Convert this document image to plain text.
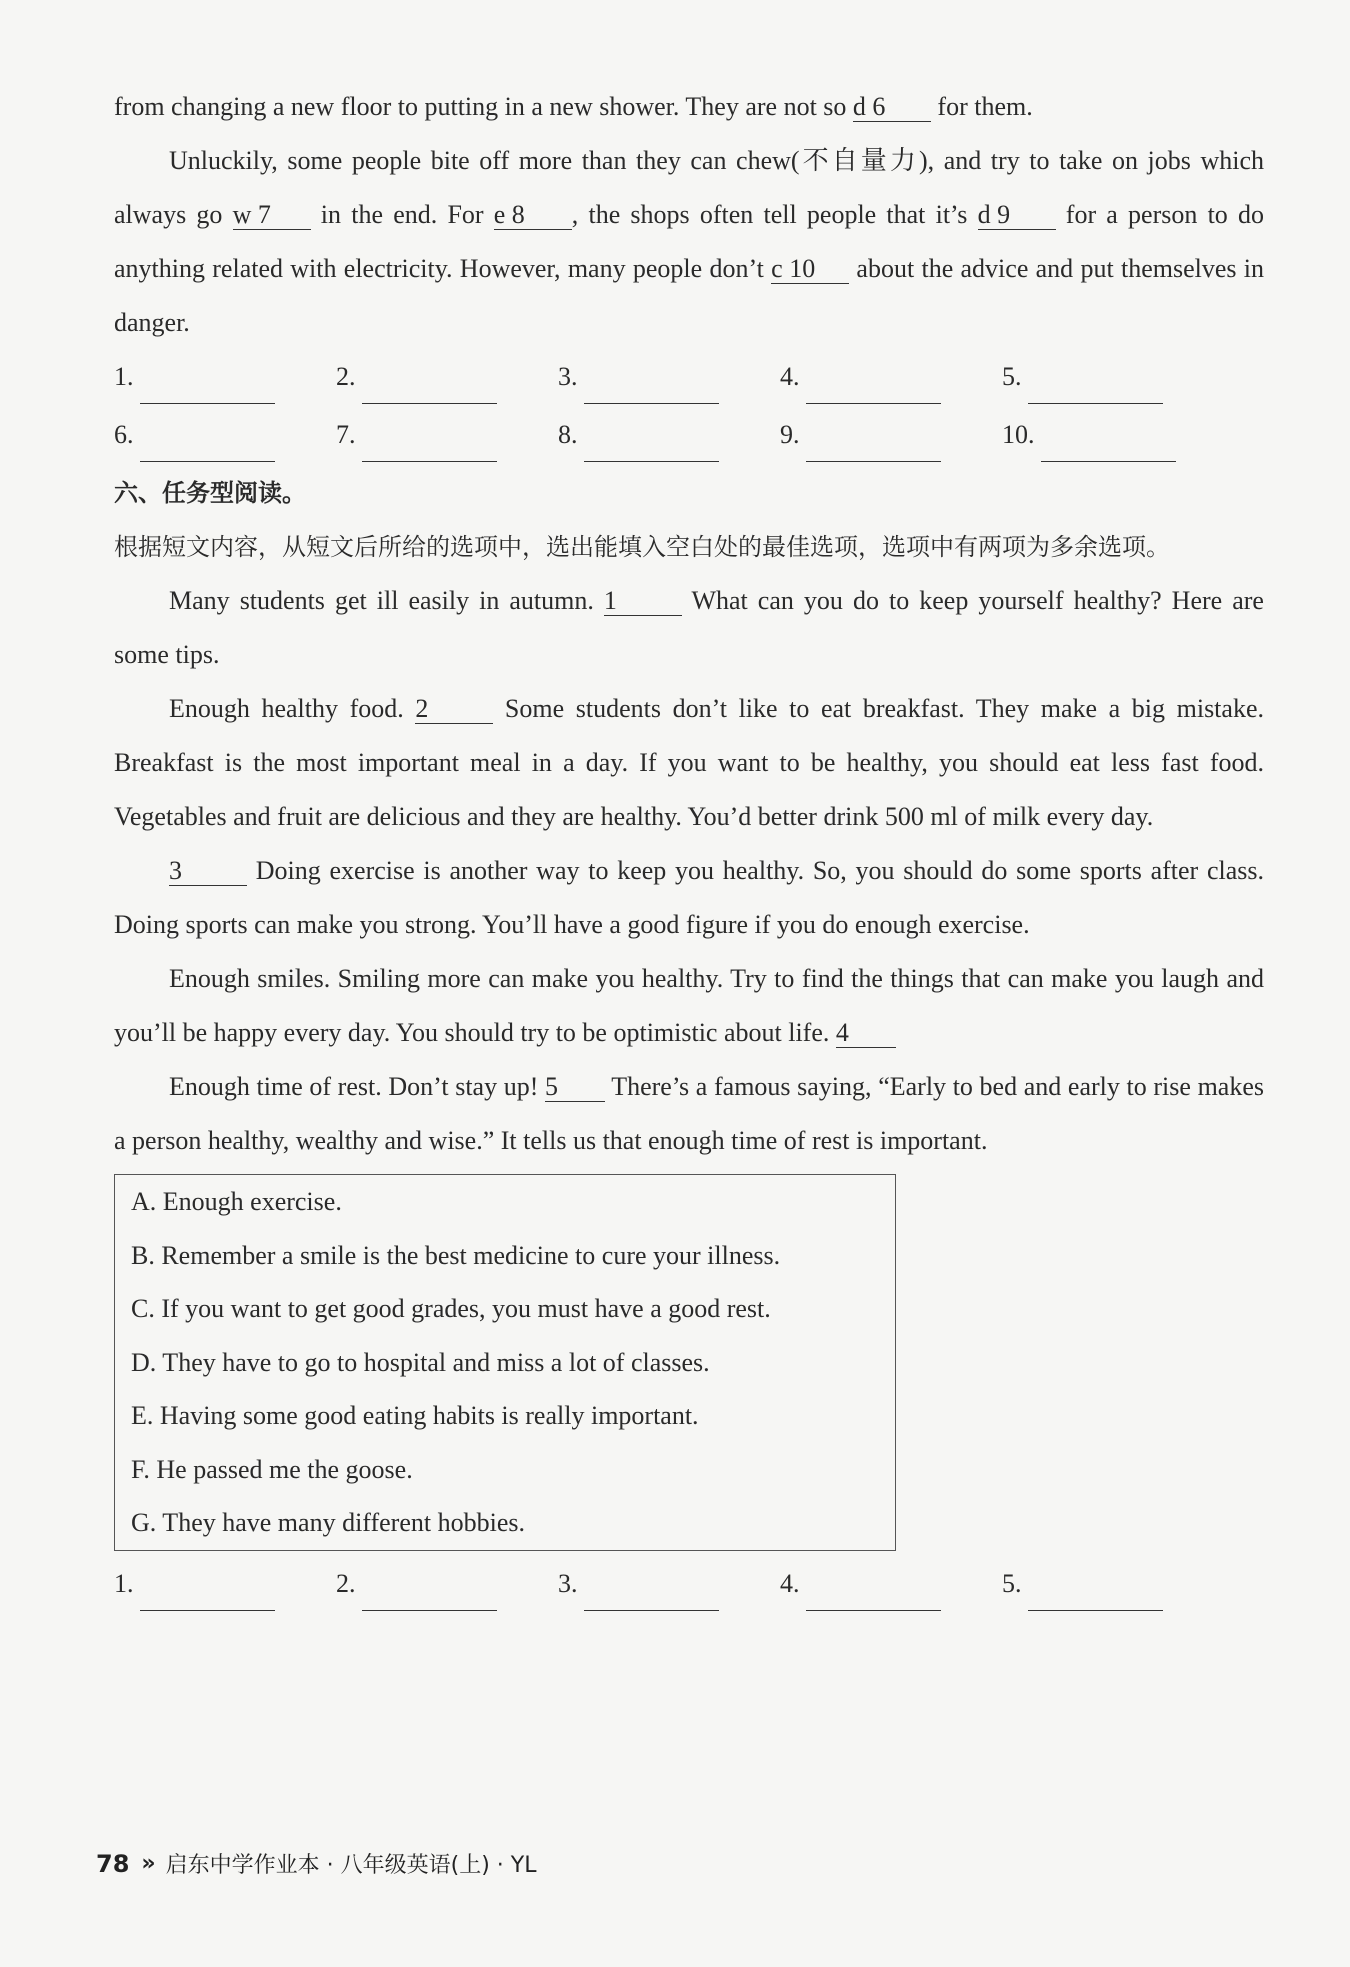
from changing a new floor to putting in a new shower. They are not so d 6 for them.

Unluckily, some people bite off more than they can chew(不自量力), and try to take on jobs which always go w 7 in the end. For e 8, the shops often tell people that it’s d 9 for a person to do anything related with electricity. However, many people don’t c 10 about the advice and put themselves in danger.

1.	2.	3.	4.	5.
6.	7.	8.	9.	10.

六、任务型阅读。

根据短文内容，从短文后所给的选项中，选出能填入空白处的最佳选项，选项中有两项为多余选项。

Many students get ill easily in autumn. 1	What can you do to keep yourself healthy? Here are some tips.

Enough healthy food. 2	Some students don’t like to eat breakfast. They make a big mistake. Breakfast is the most important meal in a day. If you want to be healthy, you should eat less fast food. Vegetables and fruit are delicious and they are healthy. You’d better drink 500 ml of milk every day.

3	Doing exercise is another way to keep you healthy. So, you should do some sports after class. Doing sports can make you strong. You’ll have a good figure if you do enough exercise.

Enough smiles. Smiling more can make you healthy. Try to find the things that can make you laugh and you’ll be happy every day. You should try to be optimistic about life. 4

Enough time of rest. Don’t stay up! 5 There’s a famous saying, “Early to bed and early to rise makes a person healthy, wealthy and wise.” It tells us that enough time of rest is important.

A. Enough exercise.
B. Remember a smile is the best medicine to cure your illness.
C. If you want to get good grades, you must have a good rest.
D. They have to go to hospital and miss a lot of classes.
E. Having some good eating habits is really important.
F. He passed me the goose.
G. They have many different hobbies.
1.	2.	3.	4.	5.
78 » 启东中学作业本 · 八年级英语(上) · YL
